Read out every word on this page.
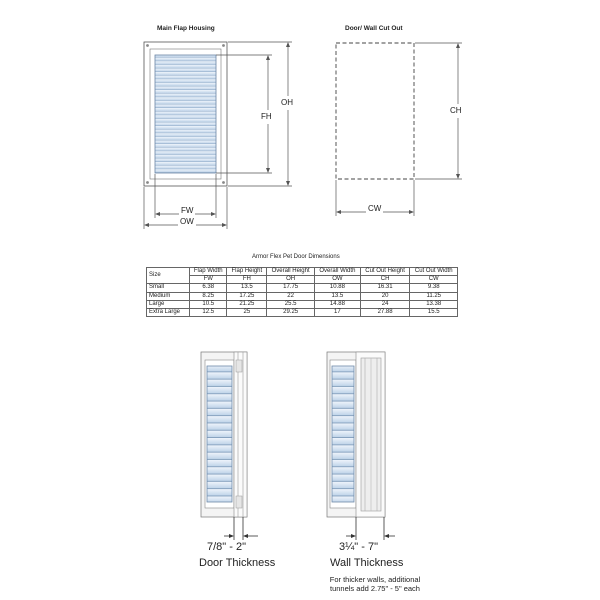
Main Flap Housing	Door/ Wall Cut Out
OH
FH
FW
OW
CH
CW
Armor Flex Pet Door Dimensions
Size	Flap Width	Flap Height	Overall Height	Overall Width	Cut Out Height	Cut Out Width
	FW	FH	OH	OW	CH	CW
Small	6.38	13.5	17.75	10.88	16.31	9.38
Medium	8.25	17.25	22	13.5	20	11.25
Large	10.5	21.25	25.5	14.88	24	13.38
Extra Large	12.5	25	29.25	17	27.88	15.5
7/8" - 2"
Door Thickness
3¼" - 7"
Wall Thickness
For thicker walls, additional
tunnels add 2.75" - 5" each
